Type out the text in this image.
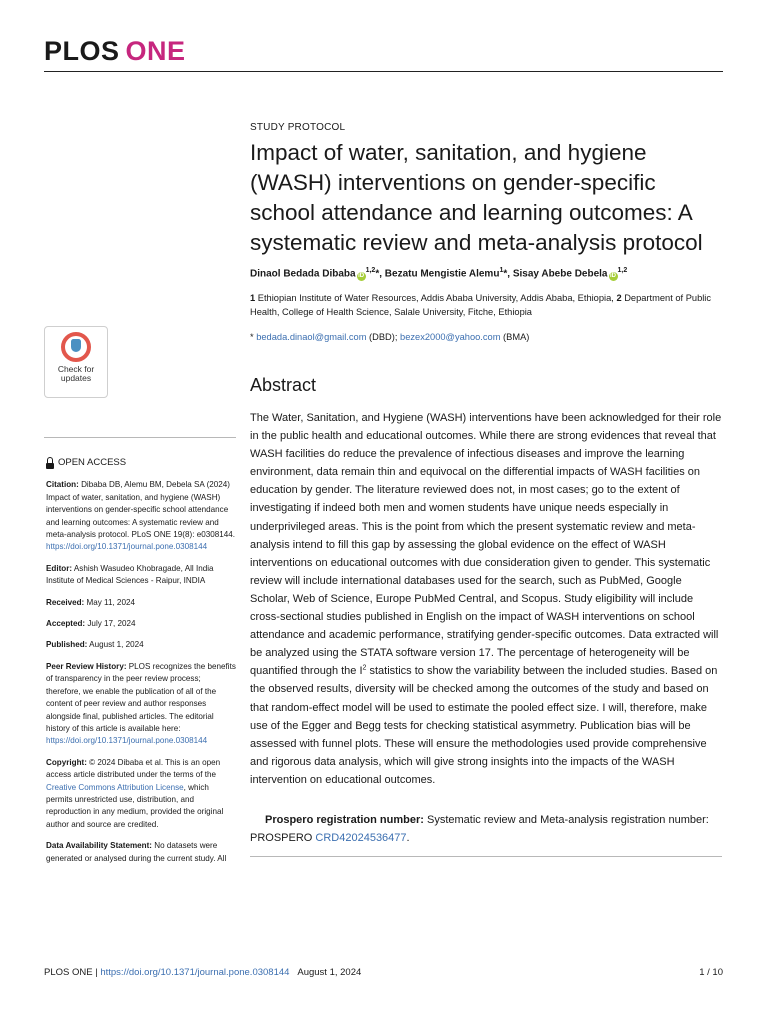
PLOS ONE
STUDY PROTOCOL
Impact of water, sanitation, and hygiene (WASH) interventions on gender-specific school attendance and learning outcomes: A systematic review and meta-analysis protocol
Dinaol Bedada Dibaba iD$^{1,2}$*, Bezatu Mengistie Alemu$^1$*, Sisay Abebe Debela iD$^{1,2}$
1 Ethiopian Institute of Water Resources, Addis Ababa University, Addis Ababa, Ethiopia, 2 Department of Public Health, College of Health Science, Salale University, Fitche, Ethiopia
* bedada.dinaol@gmail.com (DBD); bezex2000@yahoo.com (BMA)
Check for
updates	Abstract

The Water, Sanitation, and Hygiene (WASH) interventions have been acknowledged for their role in the public health and educational outcomes. While there are strong evidences that reveal that WASH facilities do reduce the prevalence of infectious diseases and improve the learning environment, data remain thin and equivocal on the differential impacts of WASH facilities on education by gender. The literature reviewed does not, in most cases; go to the extent of investigating if indeed both men and women students have unique needs especially in underprivileged areas. This is the point from which the present systematic review and meta-analysis intend to fill this gap by assessing the global evidence on the effect of WASH interventions on educational outcomes with due consideration given to gender. This systematic review will include international databases used for the search, such as PubMed, Google Scholar, Web of Science, Europe PubMed Central, and Scopus. Study eligibility will include cross-sectional studies published in English on the impact of WASH interventions on school attendance and academic performance, stratifying gender-specific outcomes. Data extracted will be analyzed using the STATA software version 17. The percentage of heterogeneity will be quantified through the $I^2$ statistics to show the variability between the included studies. Based on the observed results, diversity will be checked among the outcomes of the study and based on that random-effect model will be used to estimate the pooled effect size. I will, therefore, make use of the Egger and Begg tests for checking statistical asymmetry. Publication bias will be assessed with funnel plots. These will ensure the methodologies used provide comprehensive and rigorous data analysis, which will give strong insights into the impacts of the WASH intervention on educational outcomes.

Prospero registration number: Systematic review and Meta-analysis registration number: PROSPERO CRD42024536477.

OPEN ACCESS
Citation: Dibaba DB, Alemu BM, Debela SA (2024) Impact of water, sanitation, and hygiene (WASH) interventions on gender-specific school attendance and learning outcomes: A systematic review and meta-analysis protocol. PLoS ONE 19(8): e0308144. https://doi.org/10.1371/journal.pone.0308144
Editor: Ashish Wasudeo Khobragade, All India Institute of Medical Sciences - Raipur, INDIA
Received: May 11, 2024
Accepted: July 17, 2024
Published: August 1, 2024
Peer Review History: PLOS recognizes the benefits of transparency in the peer review process; therefore, we enable the publication of all of the content of peer review and author responses alongside final, published articles. The editorial history of this article is available here: https://doi.org/10.1371/journal.pone.0308144
Copyright: © 2024 Dibaba et al. This is an open access article distributed under the terms of the Creative Commons Attribution License, which permits unrestricted use, distribution, and reproduction in any medium, provided the original author and source are credited.
Data Availability Statement: No datasets were generated or analysed during the current study. All
PLOS ONE | https://doi.org/10.1371/journal.pone.0308144 August 1, 2024	1 / 10
